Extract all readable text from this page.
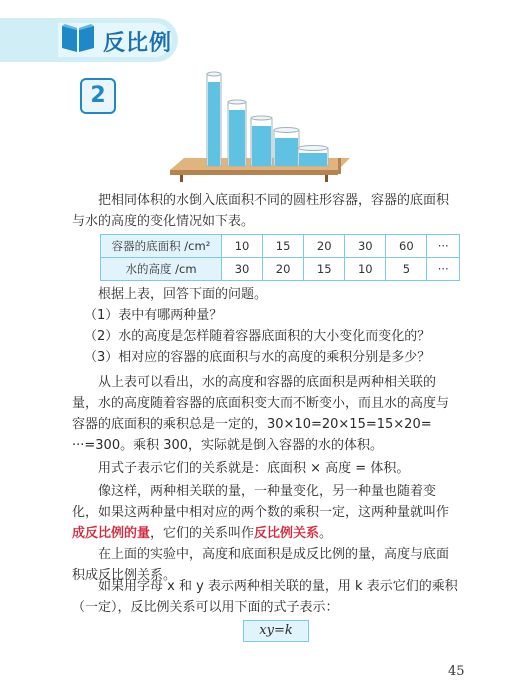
反比例
2

把相同体积的水倒入底面积不同的圆柱形容器，容器的底面积与水的高度的变化情况如下表。

容器的底面积 /cm²	10	15	20	30	60	···
水的高度 /cm	30	20	15	10	5	···

根据上表，回答下面的问题。

（1）表中有哪两种量？

（2）水的高度是怎样随着容器底面积的大小变化而变化的？

（3）相对应的容器的底面积与水的高度的乘积分别是多少？

从上表可以看出，水的高度和容器的底面积是两种相关联的量，水的高度随着容器的底面积变大而不断变小，而且水的高度与容器的底面积的乘积总是一定的，30×10=20×15=15×20= ···=300。乘积 300，实际就是倒入容器的水的体积。

用式子表示它们的关系就是：底面积 × 高度 = 体积。

像这样，两种相关联的量，一种量变化，另一种量也随着变化，如果这两种量中相对应的两个数的乘积一定，这两种量就叫作成反比例的量，它们的关系叫作反比例关系。

在上面的实验中，高度和底面积是成反比例的量，高度与底面积成反比例关系。

如果用字母 x 和 y 表示两种相关联的量，用 k 表示它们的乘积（一定），反比例关系可以用下面的式子表示：

xy=k
45
